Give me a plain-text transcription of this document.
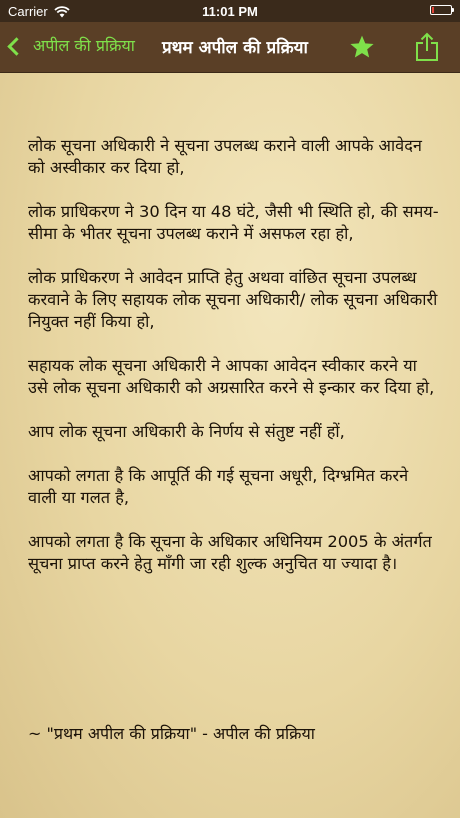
Carrier	11:01 PM
अपील की प्रक्रिया प्रथम अपील की प्रक्रिया

लोक सूचना अधिकारी ने सूचना उपलब्ध कराने वाली आपके आवेदन को अस्वीकार कर दिया हो,

लोक प्राधिकरण ने 30 दिन या 48 घंटे, जैसी भी स्थिति हो, की समय-सीमा के भीतर सूचना उपलब्ध कराने में असफल रहा हो,

लोक प्राधिकरण ने आवेदन प्राप्ति हेतु अथवा वांछित सूचना उपलब्ध करवाने के लिए सहायक लोक सूचना अधिकारी/ लोक सूचना अधिकारी नियुक्त नहीं किया हो,

सहायक लोक सूचना अधिकारी ने आपका आवेदन स्वीकार करने या उसे लोक सूचना अधिकारी को अग्रसारित करने से इन्कार कर दिया हो,

आप लोक सूचना अधिकारी के निर्णय से संतुष्ट नहीं हों,

आपको लगता है कि आपूर्ति की गई सूचना अधूरी, दिग्भ्रमित करने वाली या गलत है,

आपको लगता है कि सूचना के अधिकार अधिनियम 2005 के अंतर्गत सूचना प्राप्त करने हेतु माँगी जा रही शुल्क अनुचित या ज्यादा है।

~ "प्रथम अपील की प्रक्रिया" - अपील की प्रक्रिया
